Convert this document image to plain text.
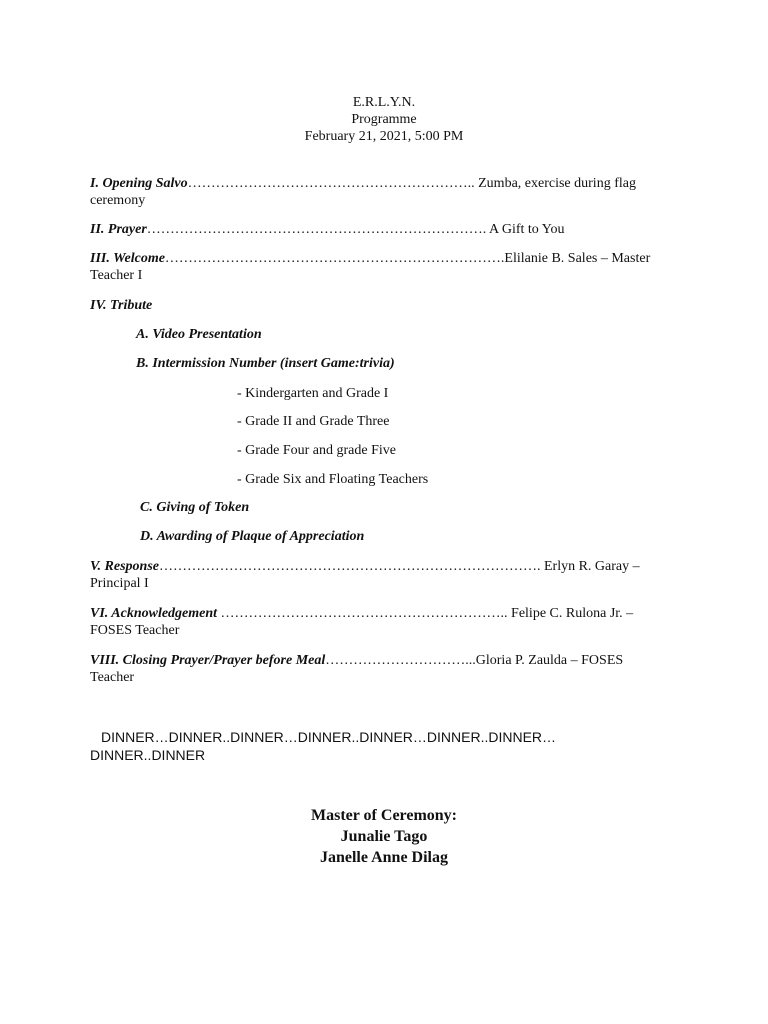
E.R.L.Y.N.
Programme
February 21, 2021, 5:00 PM
I. Opening Salvo…………………………………………………….. Zumba, exercise during flag
ceremony
II. Prayer………………………………………………………………. A Gift to You
III. Welcome……………………………………………………………….Elilanie B. Sales – Master
Teacher I
IV. Tribute
A. Video Presentation
B. Intermission Number (insert Game:trivia)
- Kindergarten and Grade I
- Grade II and Grade Three
- Grade Four and grade Five
- Grade Six and Floating Teachers
C. Giving of Token
D. Awarding of Plaque of Appreciation
V. Response………………………………………………………………………. Erlyn R. Garay –
Principal I
VI. Acknowledgement …………………………………………………….. Felipe C. Rulona Jr. –
FOSES Teacher
VIII. Closing Prayer/Prayer before Meal…………………………...Gloria P. Zaulda – FOSES
Teacher
DINNER…DINNER..DINNER…DINNER..DINNER…DINNER..DINNER…
DINNER..DINNER
Master of Ceremony:
Junalie Tago
Janelle Anne Dilag
